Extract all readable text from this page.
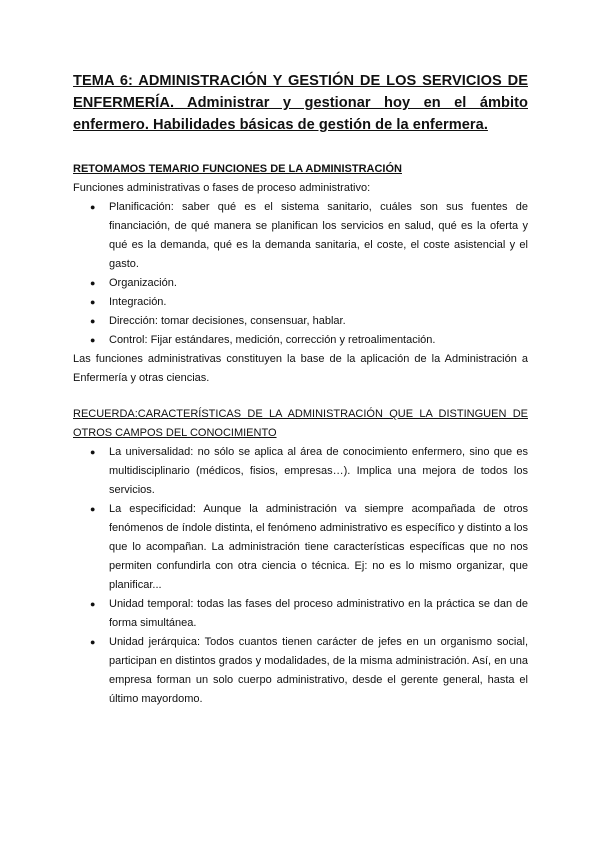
TEMA 6: ADMINISTRACIÓN Y GESTIÓN DE LOS SERVICIOS DE ENFERMERÍA. Administrar y gestionar hoy en el ámbito enfermero. Habilidades básicas de gestión de la enfermera.
RETOMAMOS TEMARIO FUNCIONES DE LA ADMINISTRACIÓN

Funciones administrativas o fases de proceso administrativo:

● Planificación: saber qué es el sistema sanitario, cuáles son sus fuentes de financiación, de qué manera se planifican los servicios en salud, qué es la oferta y qué es la demanda, qué es la demanda sanitaria, el coste, el coste asistencial y el gasto.
● Organización.
● Integración.
● Dirección: tomar decisiones, consensuar, hablar.
● Control: Fijar estándares, medición, corrección y retroalimentación.

Las funciones administrativas constituyen la base de la aplicación de la Administración a Enfermería y otras ciencias.

RECUERDA:CARACTERÍSTICAS DE LA ADMINISTRACIÓN QUE LA DISTINGUEN DE OTROS CAMPOS DEL CONOCIMIENTO
● La universalidad: no sólo se aplica al área de conocimiento enfermero, sino que es multidisciplinario (médicos, fisios, empresas…). Implica una mejora de todos los servicios.
● La especificidad: Aunque la administración va siempre acompañada de otros fenómenos de índole distinta, el fenómeno administrativo es específico y distinto a los que lo acompañan. La administración tiene características específicas que no nos permiten confundirla con otra ciencia o técnica. Ej: no es lo mismo organizar, que planificar...
● Unidad temporal: todas las fases del proceso administrativo en la práctica se dan de forma simultánea.
● Unidad jerárquica: Todos cuantos tienen carácter de jefes en un organismo social, participan en distintos grados y modalidades, de la misma administración. Así, en una empresa forman un solo cuerpo administrativo, desde el gerente general, hasta el último mayordomo.
